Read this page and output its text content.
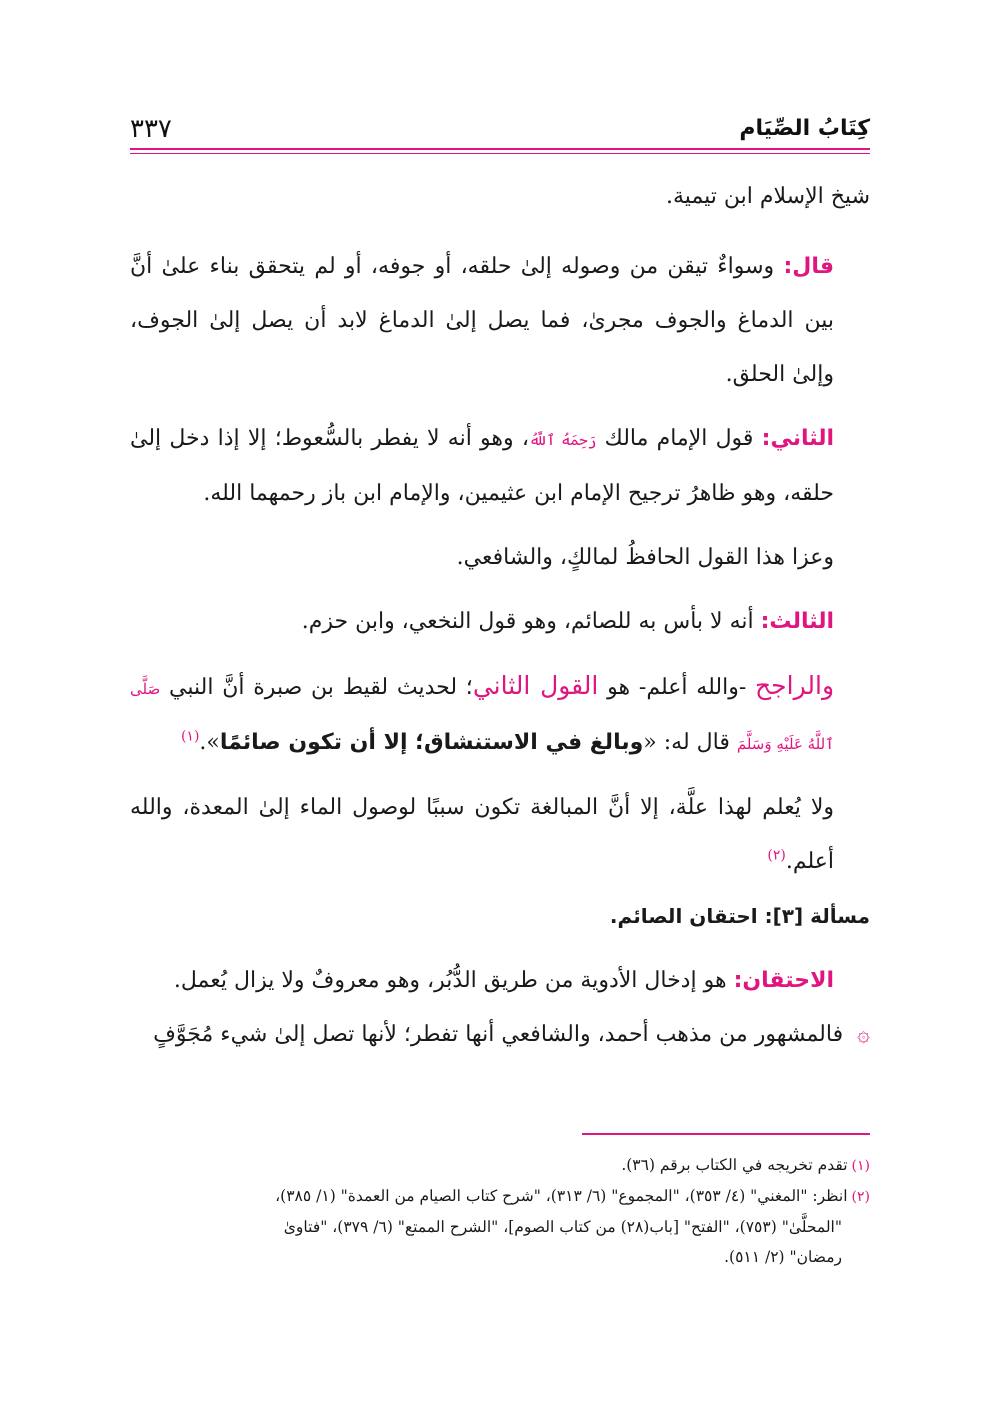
كِتَابُ الصِّيَام
٣٣٧

شيخ الإسلام ابن تيمية.

قال: وسواءٌ تيقن من وصوله إلىٰ حلقه، أو جوفه، أو لم يتحقق بناء علىٰ أنَّ بين الدماغ والجوف مجرىٰ، فما يصل إلىٰ الدماغ لابد أن يصل إلىٰ الجوف، وإلىٰ الحلق.

الثاني: قول الإمام مالك رَحِمَهُ ٱللَّهُ، وهو أنه لا يفطر بالسُّعوط؛ إلا إذا دخل إلىٰ حلقه، وهو ظاهرُ ترجيح الإمام ابن عثيمين، والإمام ابن باز رحمهما الله.

وعزا هذا القول الحافظُ لمالكٍ، والشافعي.

الثالث: أنه لا بأس به للصائم، وهو قول النخعي، وابن حزم.

والراجح -والله أعلم- هو القول الثاني؛ لحديث لقيط بن صبرة أنَّ النبي صَلَّى ٱللَّهُ عَلَيْهِ وَسَلَّمَ قال له: «وبالغ في الاستنشاق؛ إلا أن تكون صائمًا».$^{(١)}$

ولا يُعلم لهذا علَّة، إلا أنَّ المبالغة تكون سببًا لوصول الماء إلىٰ المعدة، والله أعلم.$^{(٢)}$

مسألة [٣]: احتقان الصائم.

الاحتقان: هو إدخال الأدوية من طريق الدُّبُر، وهو معروفٌ ولا يزال يُعمل.

۞فالمشهور من مذهب أحمد، والشافعي أنها تفطر؛ لأنها تصل إلىٰ شيء مُجَوَّفٍ

(١)تقدم تخريجه في الكتاب برقم (٣٦).

(٢)انظر: "المغني" (٤/ ٣٥٣)، "المجموع" (٦/ ٣١٣)، "شرح كتاب الصيام من العمدة" (١/ ٣٨٥)،

"المحلَّىٰ" (٧٥٣)، "الفتح" [باب(٢٨) من كتاب الصوم]، "الشرح الممتع" (٦/ ٣٧٩)، "فتاوىٰ

رمضان" (٢/ ٥١١).
